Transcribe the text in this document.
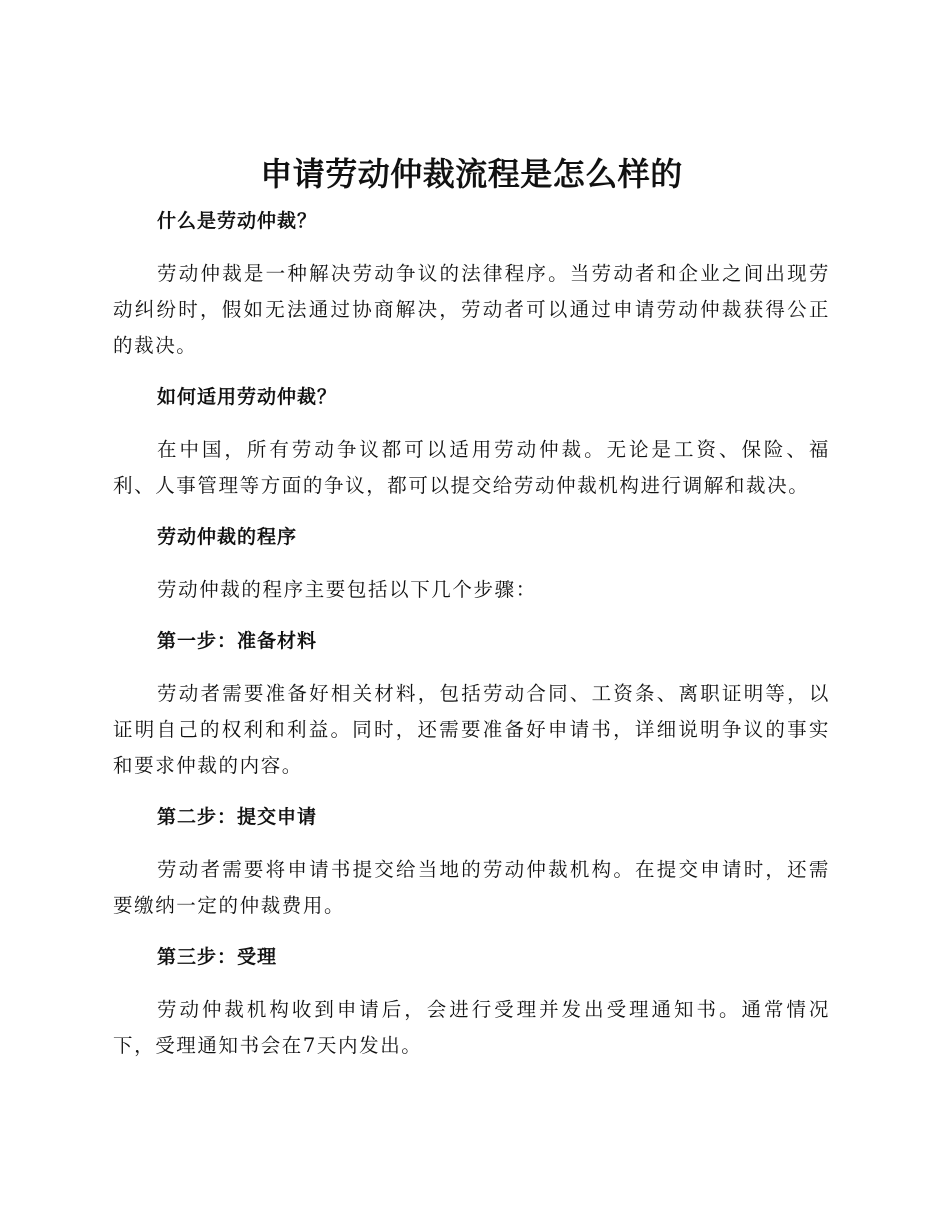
申请劳动仲裁流程是怎么样的
什么是劳动仲裁？

劳动仲裁是一种解决劳动争议的法律程序。当劳动者和企业之间出现劳动纠纷时，假如无法通过协商解决，劳动者可以通过申请劳动仲裁获得公正的裁决。

如何适用劳动仲裁？

在中国，所有劳动争议都可以适用劳动仲裁。无论是工资、保险、福利、人事管理等方面的争议，都可以提交给劳动仲裁机构进行调解和裁决。

劳动仲裁的程序

劳动仲裁的程序主要包括以下几个步骤：

第一步：准备材料

劳动者需要准备好相关材料，包括劳动合同、工资条、离职证明等，以证明自己的权利和利益。同时，还需要准备好申请书，详细说明争议的事实和要求仲裁的内容。

第二步：提交申请

劳动者需要将申请书提交给当地的劳动仲裁机构。在提交申请时，还需要缴纳一定的仲裁费用。

第三步：受理

劳动仲裁机构收到申请后，会进行受理并发出受理通知书。通常情况下，受理通知书会在7天内发出。
